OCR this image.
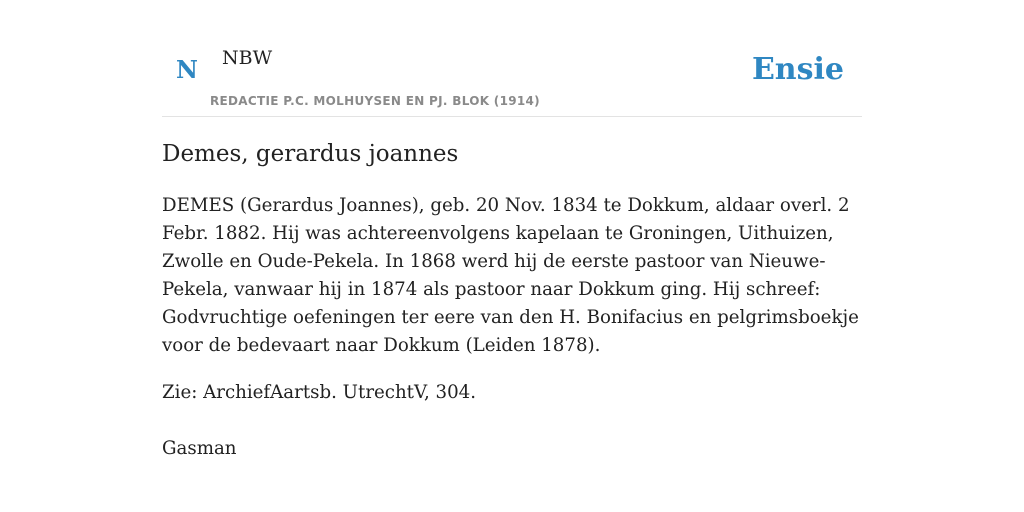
N NBW
REDACTIE P.C. MOLHUYSEN EN PJ. BLOK (1914)
Ensie
Demes, gerardus joannes

DEMES (Gerardus Joannes), geb. 20 Nov. 1834 te Dokkum, aldaar overl. 2 Febr. 1882. Hij was achtereenvolgens kapelaan te Groningen, Uithuizen, Zwolle en Oude-Pekela. In 1868 werd hij de eerste pastoor van Nieuwe-Pekela, vanwaar hij in 1874 als pastoor naar Dokkum ging. Hij schreef: Godvruchtige oefeningen ter eere van den H. Bonifacius en pelgrimsboekje voor de bedevaart naar Dokkum (Leiden 1878).

Zie: ArchiefAartsb. UtrechtV, 304.

Gasman
